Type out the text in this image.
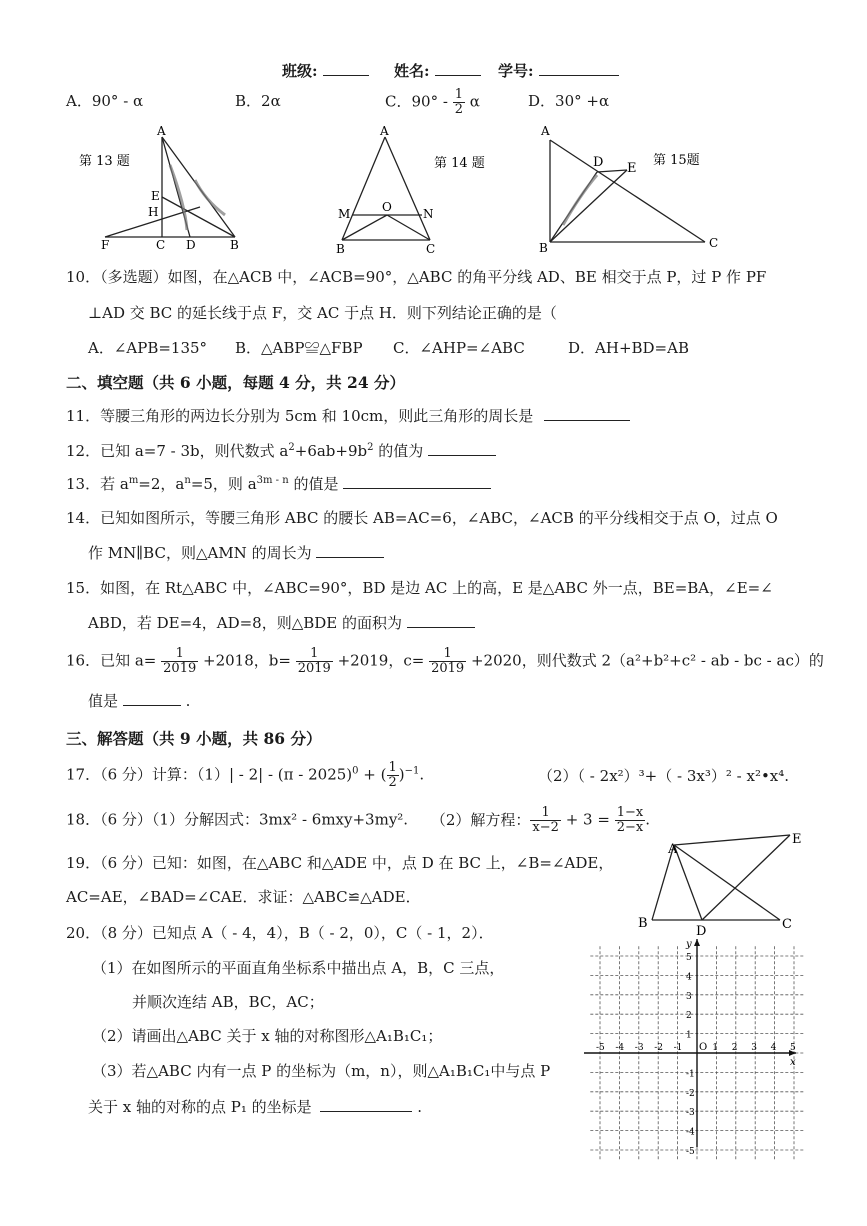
班级:	姓名:	学号:
A．90° - α	B．2α	C．$90^\circ - \frac{1}{2}$ α	D．30° +α
A
E
H
F	C D	B
第 13 题
A
M	O	N
B	C
第 14 题
A
D E
B	C
第 15题
10．（多选题）如图，在△ACB 中，∠ACB=90°，△ABC 的角平分线 AD、BE 相交于点 P，过 P 作 PF
⊥AD 交 BC 的延长线于点 F，交 AC 于点 H．则下列结论正确的是（
A．∠APB=135° B．△ABP≌△FBP C．∠AHP=∠ABC	D．AH+BD=AB
二、填空题（共 6 小题，每题 4 分，共 24 分）
11．等腰三角形的两边长分别为 5cm 和 10cm，则此三角形的周长是
12．已知 a=7 - 3b，则代数式 $a^2+6ab+9b^2$ 的值为
13．若 $a^m=2$，$a^n=5$，则 $a^{3m - n}$ 的值是
14．已知如图所示，等腰三角形 ABC 的腰长 AB=AC=6，∠ABC，∠ACB 的平分线相交于点 O，过点 O
作 MN∥BC，则△AMN 的周长为
15．如图，在 Rt△ABC 中，∠ABC=90°，BD 是边 AC 上的高，E 是△ABC 外一点，BE=BA，∠E=∠
ABD，若 DE=4，AD=8，则△BDE 的面积为
16．已知 $a= \frac{1}{2019} +2018$，$b= \frac{1}{2019} +2019$，$c= \frac{1}{2019} +2020$，则代数式 2（a²+b²+c² - ab - bc - ac）的
值是	.
三、解答题（共 9 小题，共 86 分）
17．（6 分）计算：（1）| - 2| - (π - 2025)$^0$ + ( $\frac{1}{2} )^{-1}$.	（2）（ - 2x²）³+（ - 3x³）² - x²•x⁴.
18．（6 分）（1）分解因式：3mx² - 6mxy+3my². （2）解方程： $\frac{1}{x-2} + 3 = \frac{1-x}{2-x}$ .
19．（6 分）已知：如图，在△ABC 和△ADE 中，点 D 在 BC 上，∠B=∠ADE，
AC=AE，∠BAD=∠CAE．求证：△ABC≌△ADE．
A
E
B
D	C
20．（8 分）已知点 A（ - 4，4），B（ - 2，0），C（ - 1，2）．
（1）在如图所示的平面直角坐标系中描出点 A，B，C 三点，
并顺次连结 AB，BC，AC；
（2）请画出△ABC 关于 x 轴的对称图形△A₁B₁C₁；
（3）若△ABC 内有一点 P 的坐标为（m，n），则△A₁B₁C₁中与点 P
关于 x 轴的对称的点 P₁ 的坐标是	.
x
y
O
-5 -4 -3 -2 -1	1 2 3 4 5
5
4
3
2
1
-1
-2
-3
-4
-5
